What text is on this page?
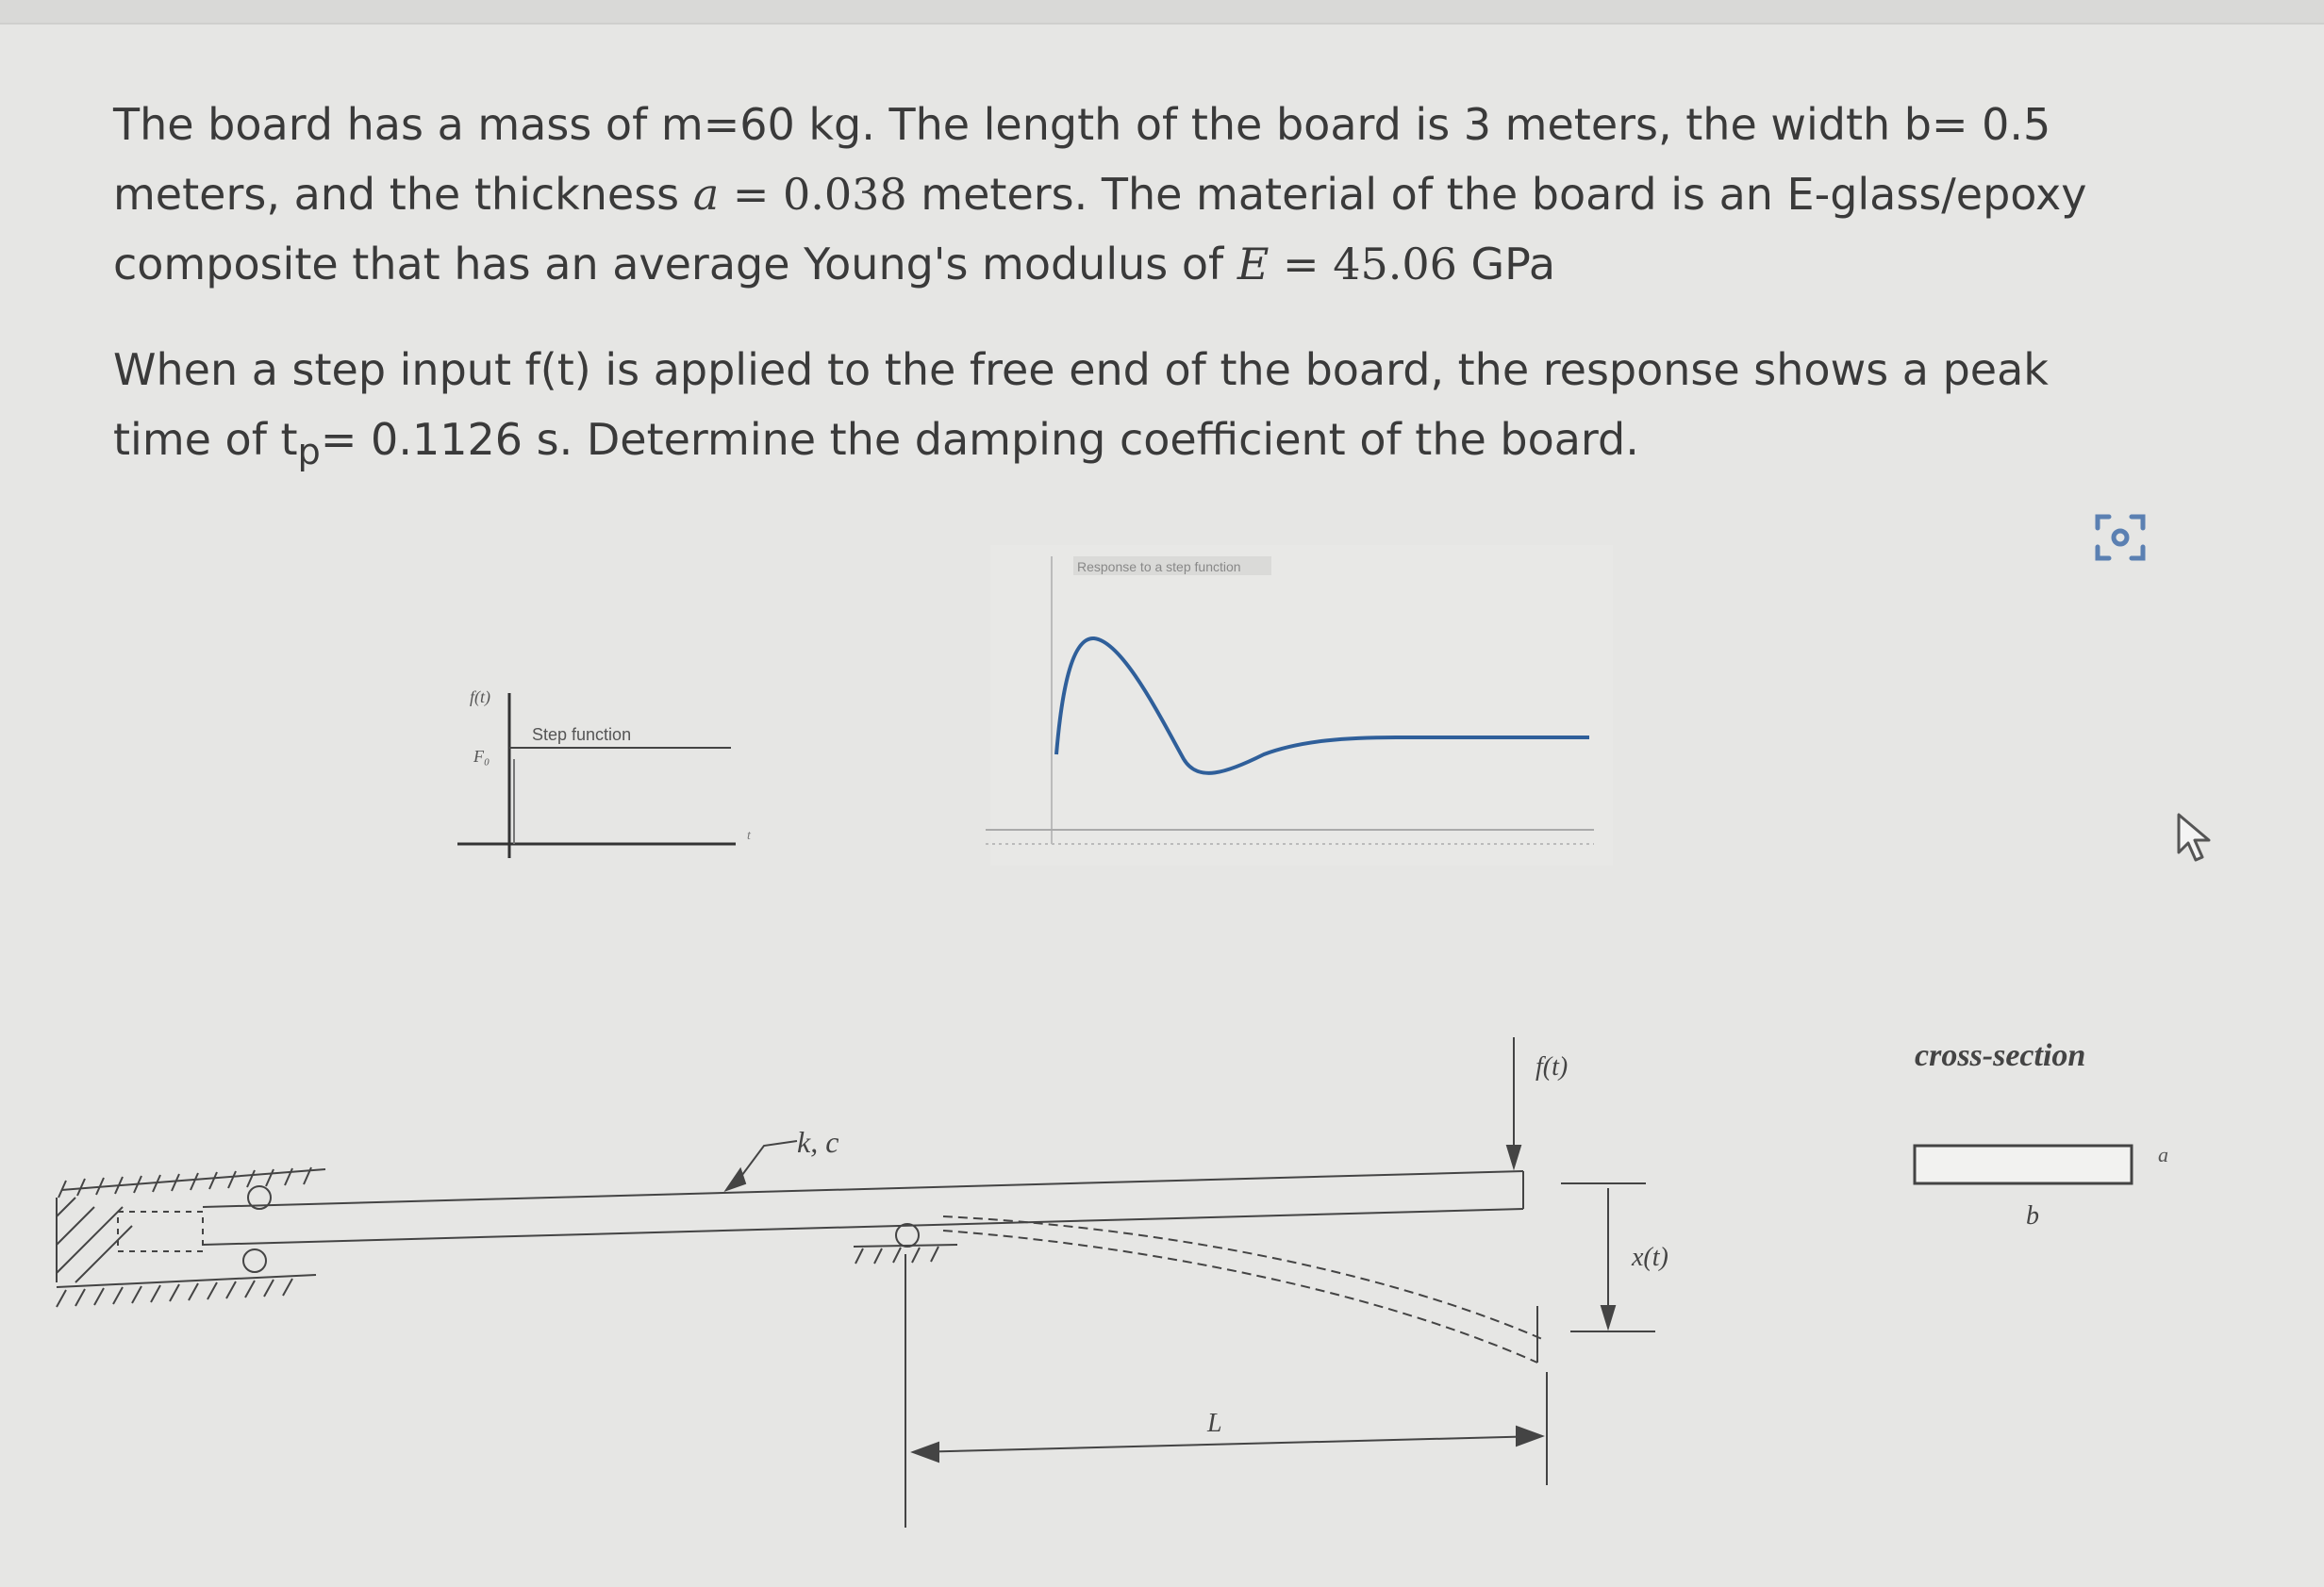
The board has a mass of m=60 kg. The length of the board is 3 meters, the width b= 0.5 meters, and the thickness a = 0.038 meters. The material of the board is an E-glass/epoxy composite that has an average Young's modulus of E = 45.06 GPa

When a step input f(t) is applied to the free end of the board, the response shows a peak time of $t_p= 0.1126$ s. Determine the damping coefficient of the board.

f(t)
F₀
Step function
t
Response to a step function
k, c
f(t)
x(t)
L
cross-section
a
b
